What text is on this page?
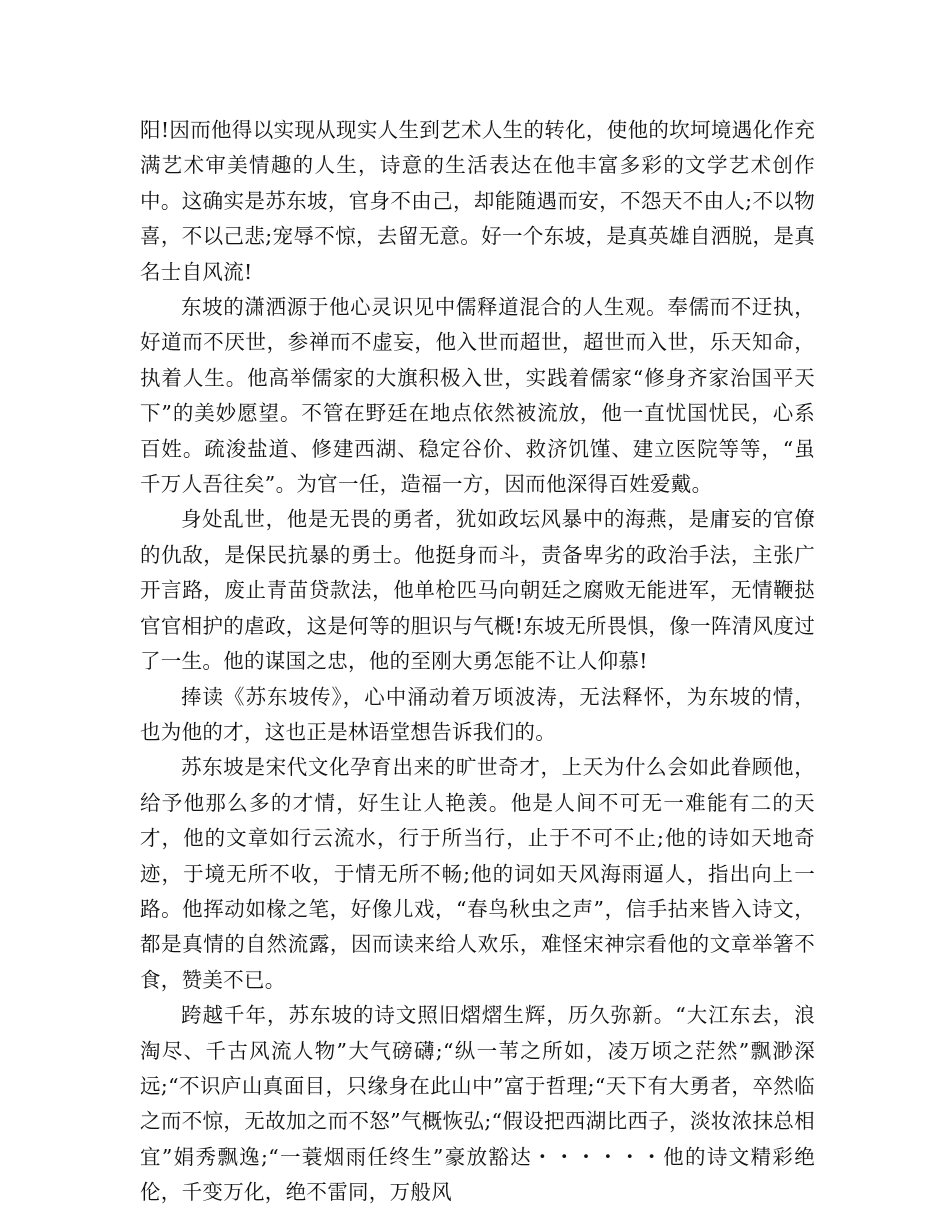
阳!因而他得以实现从现实人生到艺术人生的转化，使他的坎坷境遇化作充满艺术审美情趣的人生，诗意的生活表达在他丰富多彩的文学艺术创作中。这确实是苏东坡，官身不由己，却能随遇而安，不怨天不由人;不以物喜，不以己悲;宠辱不惊，去留无意。好一个东坡，是真英雄自洒脱，是真名士自风流!

东坡的潇洒源于他心灵识见中儒释道混合的人生观。奉儒而不迂执，好道而不厌世，参禅而不虚妄，他入世而超世，超世而入世，乐天知命，执着人生。他高举儒家的大旗积极入世，实践着儒家“修身齐家治国平天下”的美妙愿望。不管在野廷在地点依然被流放，他一直忧国忧民，心系百姓。疏浚盐道、修建西湖、稳定谷价、救济饥馑、建立医院等等，“虽千万人吾往矣”。为官一任，造福一方，因而他深得百姓爱戴。

身处乱世，他是无畏的勇者，犹如政坛风暴中的海燕，是庸妄的官僚的仇敌，是保民抗暴的勇士。他挺身而斗，责备卑劣的政治手法，主张广开言路，废止青苗贷款法，他单枪匹马向朝廷之腐败无能进军，无情鞭挞官官相护的虐政，这是何等的胆识与气概!东坡无所畏惧，像一阵清风度过了一生。他的谋国之忠，他的至刚大勇怎能不让人仰慕!

捧读《苏东坡传》，心中涌动着万顷波涛，无法释怀，为东坡的情，也为他的才，这也正是林语堂想告诉我们的。

苏东坡是宋代文化孕育出来的旷世奇才，上天为什么会如此眷顾他，给予他那么多的才情，好生让人艳羡。他是人间不可无一难能有二的天才，他的文章如行云流水，行于所当行，止于不可不止;他的诗如天地奇迹，于境无所不收，于情无所不畅;他的词如天风海雨逼人，指出向上一路。他挥动如椽之笔，好像儿戏，“春鸟秋虫之声”，信手拈来皆入诗文，都是真情的自然流露，因而读来给人欢乐，难怪宋神宗看他的文章举箸不食，赞美不已。

跨越千年，苏东坡的诗文照旧熠熠生辉，历久弥新。“大江东去，浪淘尽、千古风流人物”大气磅礴;“纵一苇之所如，凌万顷之茫然”飘渺深远;“不识庐山真面目，只缘身在此山中”富于哲理;“天下有大勇者，卒然临之而不惊，无故加之而不怒”气概恢弘;“假设把西湖比西子，淡妆浓抹总相宜”娟秀飘逸;“一蓑烟雨任终生”豪放豁达・・・・・・他的诗文精彩绝伦，千变万化，绝不雷同，万般风
